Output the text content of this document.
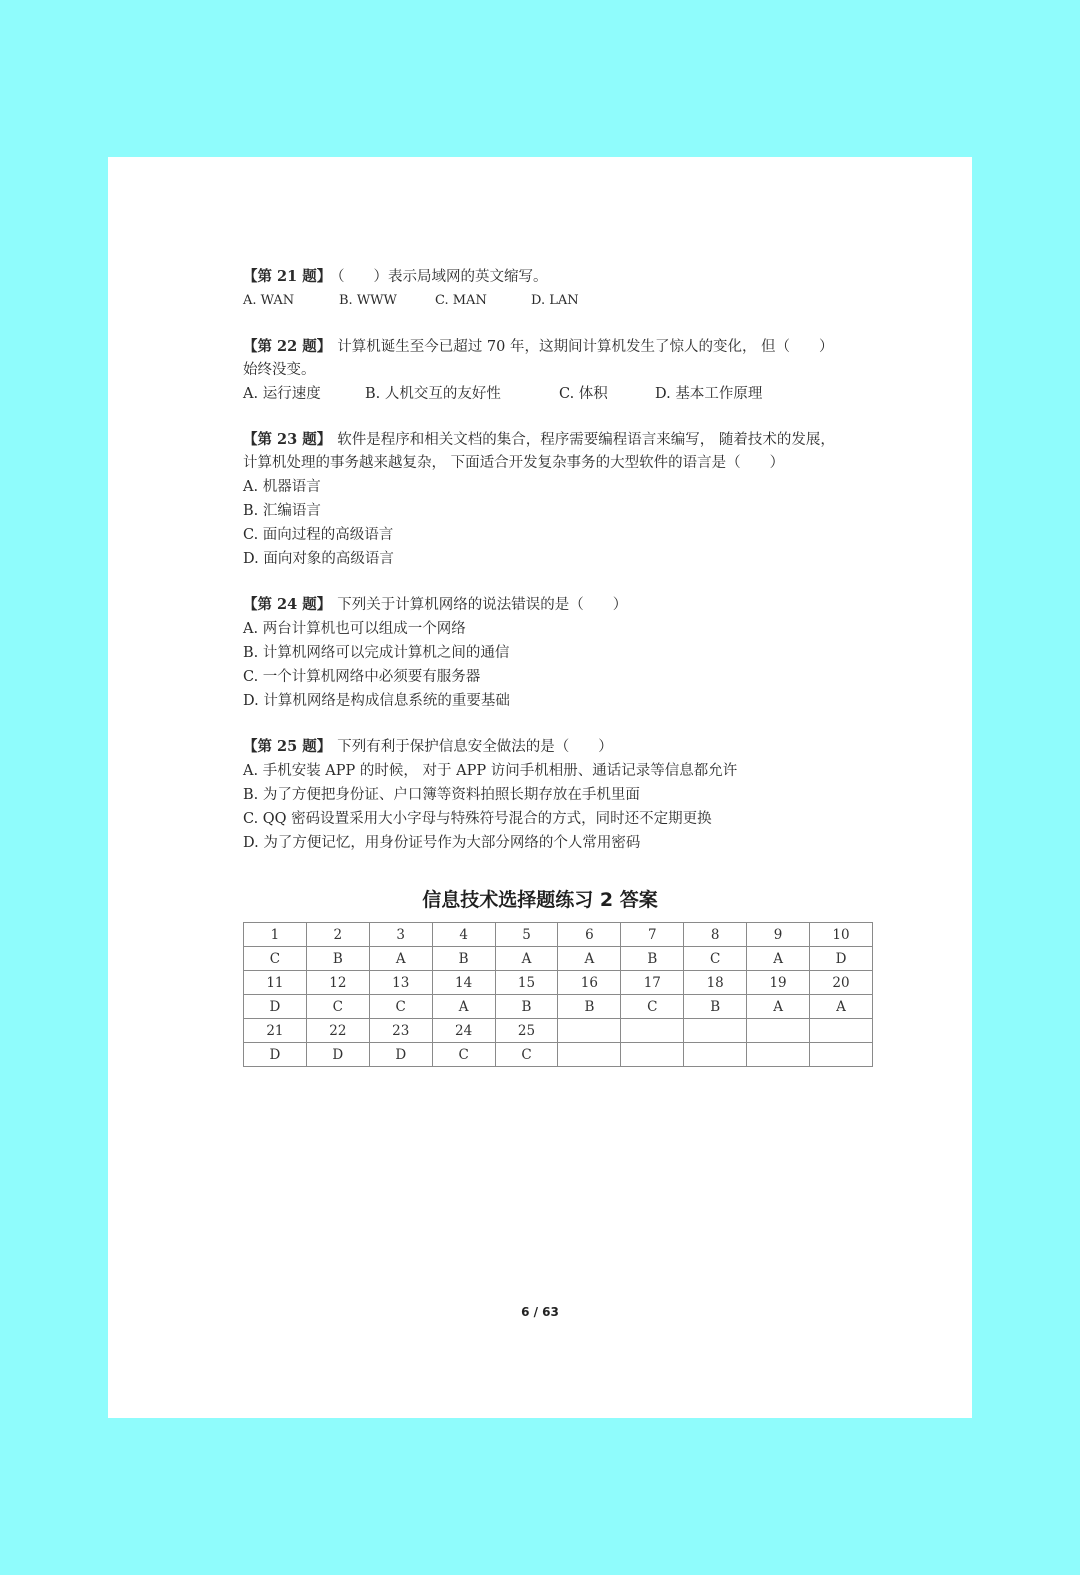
【第 21 题】 （　　）表示局域网的英文缩写。
A. WAN	B. WWW	C. MAN	D. LAN
【第 22 题】 计算机诞生至今已超过 70 年，这期间计算机发生了惊人的变化， 但（　　）
始终没变。
A. 运行速度	B. 人机交互的友好性	C. 体积	D. 基本工作原理
【第 23 题】 软件是程序和相关文档的集合，程序需要编程语言来编写， 随着技术的发展，
计算机处理的事务越来越复杂， 下面适合开发复杂事务的大型软件的语言是（　　）
A. 机器语言
B. 汇编语言
C. 面向过程的高级语言
D. 面向对象的高级语言
【第 24 题】 下列关于计算机网络的说法错误的是（　　）
A. 两台计算机也可以组成一个网络
B. 计算机网络可以完成计算机之间的通信
C. 一个计算机网络中必须要有服务器
D. 计算机网络是构成信息系统的重要基础
【第 25 题】 下列有利于保护信息安全做法的是（　　）
A. 手机安装 APP 的时候， 对于 APP 访问手机相册、通话记录等信息都允许
B. 为了方便把身份证、户口簿等资料拍照长期存放在手机里面
C. QQ 密码设置采用大小字母与特殊符号混合的方式，同时还不定期更换
D. 为了方便记忆，用身份证号作为大部分网络的个人常用密码
信息技术选择题练习 2 答案
1	2	3	4	5	6	7	8	9	10
C	B	A	B	A	A	B	C	A	D
11	12	13	14	15	16	17	18	19	20
D	C	C	A	B	B	C	B	A	A
21	22	23	24	25					
D	D	D	C	C					
6 / 63
